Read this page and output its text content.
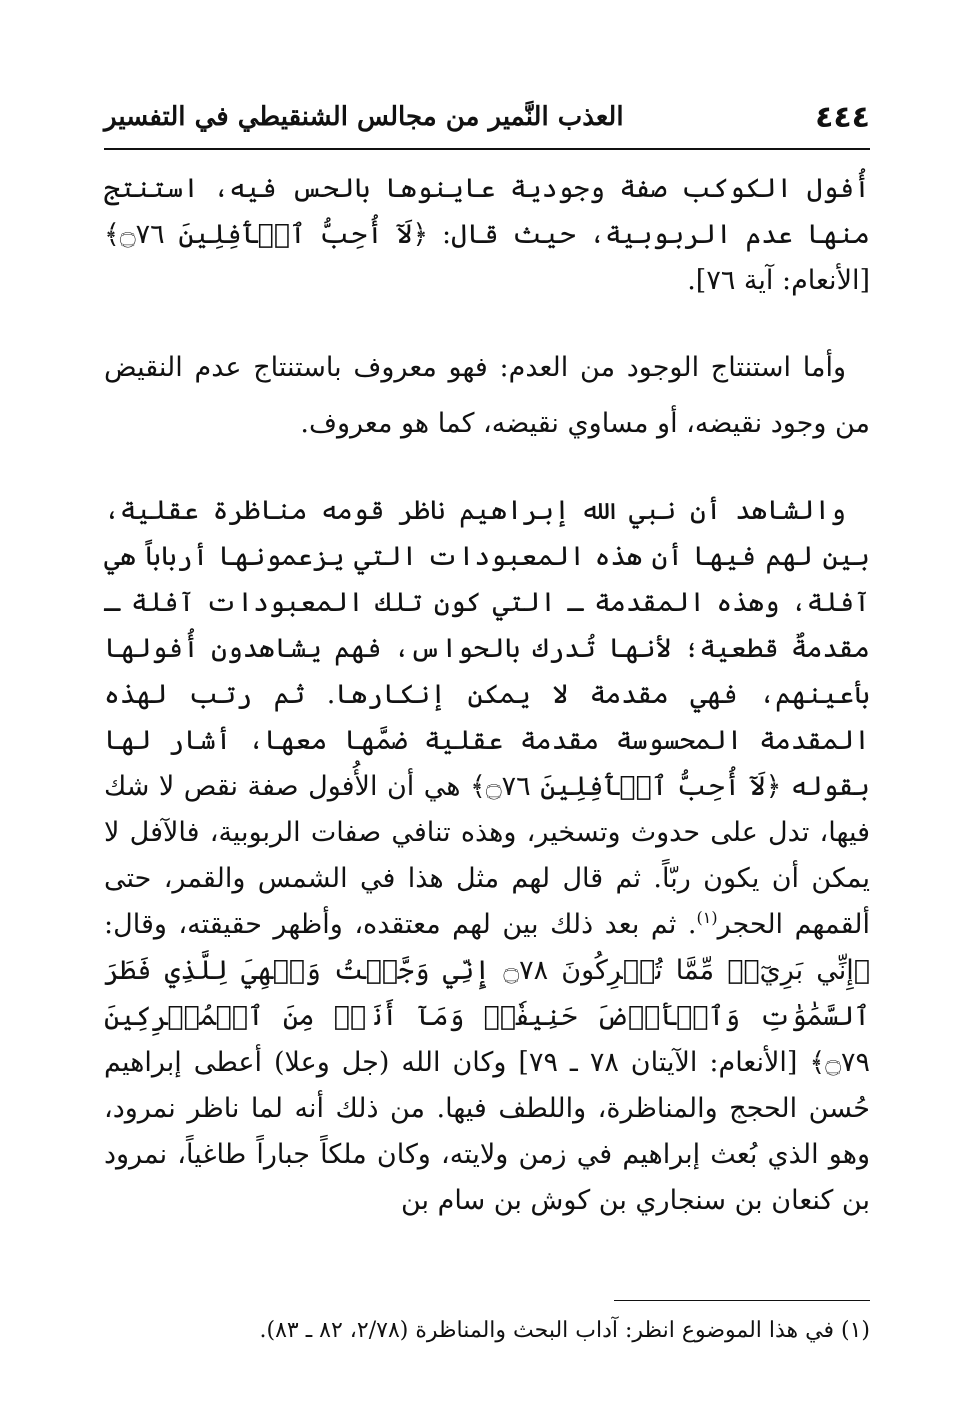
٤٤٤
العذب النَّمير من مجالس الشنقيطي في التفسير

أُفول الكوكب صفة وجودية عاينوها بالحس فيه، استنتج منها عدم الربوبية، حيث قال: ﴿لَآ أُحِبُّ ٱلۡأٓفِلِينَ ۝٧٦﴾ [الأنعام: آية ٧٦].

وأما استنتاج الوجود من العدم: فهو معروف باستنتاج عدم النقيض من وجود نقيضه، أو مساوي نقيضه، كما هو معروف.

والشاهد أن نبي الله إبراهيم ناظر قومه مناظرة عقلية، بين لهم فيها أن هذه المعبودات التي يزعمونها أرباباً هي آفلة، وهذه المقدمة ـ التي كون تلك المعبودات آفلة ـ مقدمةٌ قطعية؛ لأنها تُدرك بالحواس، فهم يشاهدون أُفولها بأعينهم، فهي مقدمة لا يمكن إنكارها. ثم رتب لهذه المقدمة المحسوسة مقدمة عقلية ضمَّها معها، أشار لها بقوله ﴿لَآ أُحِبُّ ٱلۡأٓفِلِينَ ۝٧٦﴾ هي أن الأُفول صفة نقص لا شك فيها، تدل على حدوث وتسخير، وهذه تنافي صفات الربوبية، فالآفل لا يمكن أن يكون ربّاً. ثم قال لهم مثل هذا في الشمس والقمر، حتى ألقمهم الحجر$^{(١)}$. ثم بعد ذلك بين لهم معتقده، وأظهر حقيقته، وقال: ﴿إِنِّي بَرِيٓءٞ مِّمَّا تُشۡرِكُونَ ۝٧٨ إِنِّي وَجَّهۡتُ وَجۡهِيَ لِلَّذِي فَطَرَ ٱلسَّمَٰوَٰتِ وَٱلۡأَرۡضَ حَنِيفٗاۖ وَمَآ أَنَا۠ مِنَ ٱلۡمُشۡرِكِينَ ۝٧٩﴾ [الأنعام: الآيتان ٧٨ ـ ٧٩] وكان الله (جل وعلا) أعطى إبراهيم حُسن الحجج والمناظرة، واللطف فيها. من ذلك أنه لما ناظر نمرود، وهو الذي بُعث إبراهيم في زمن ولايته، وكان ملكاً جباراً طاغياً، نمرود بن كنعان بن سنجاري بن كوش بن سام بن

(١) في هذا الموضوع انظر: آداب البحث والمناظرة (٢/٧٨، ٨٢ ـ ٨٣).
